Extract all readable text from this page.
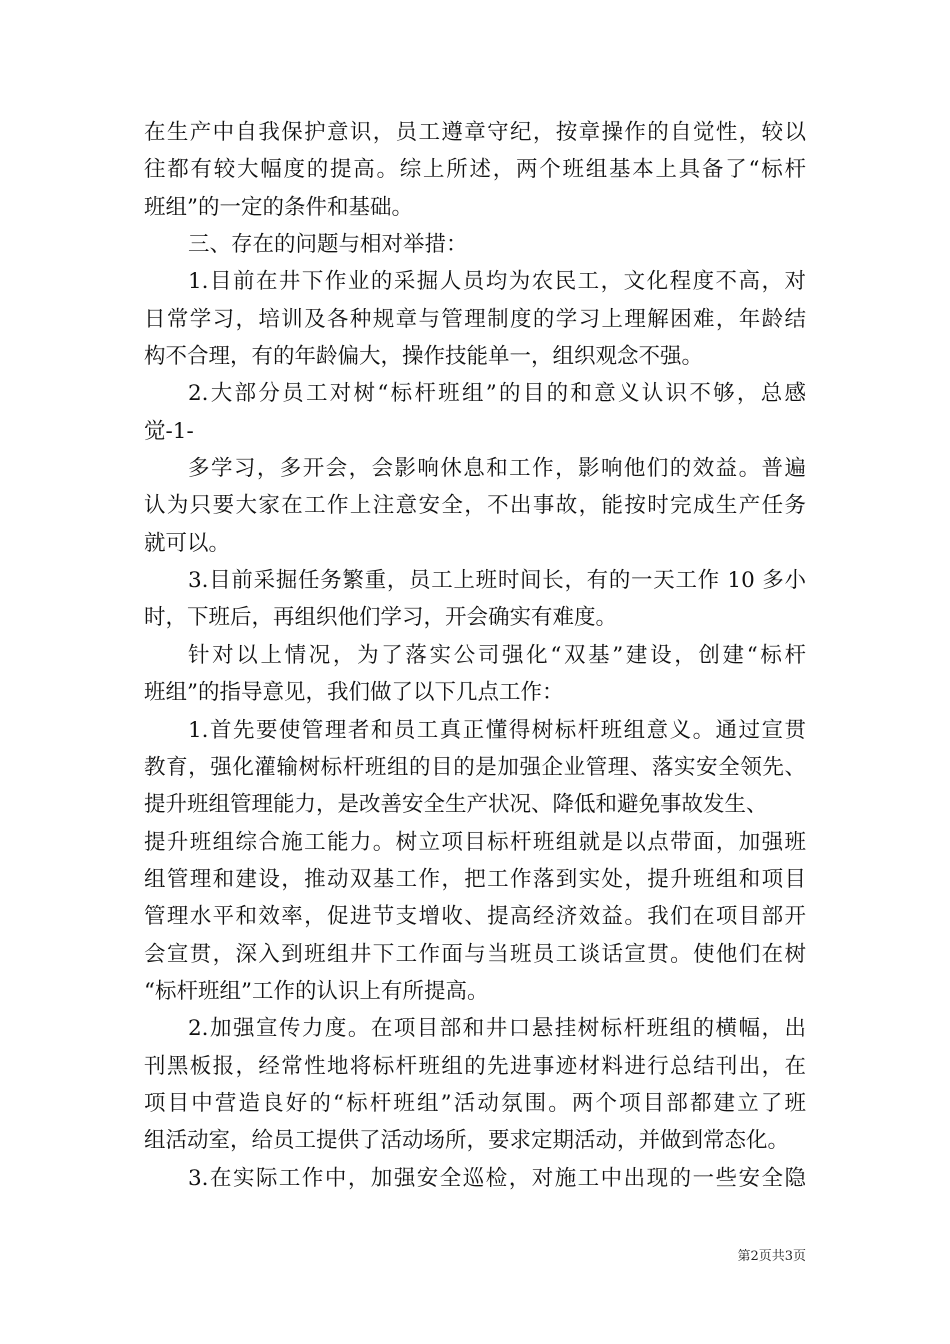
在生产中自我保护意识，员工遵章守纪，按章操作的自觉性，较以
往都有较大幅度的提高。综上所述，两个班组基本上具备了“标杆
班组”的一定的条件和基础。
三、存在的问题与相对举措：
1.目前在井下作业的采掘人员均为农民工，文化程度不高，对
日常学习，培训及各种规章与管理制度的学习上理解困难，年龄结
构不合理，有的年龄偏大，操作技能单一，组织观念不强。
2.大部分员工对树“标杆班组”的目的和意义认识不够，总感
觉-1-
多学习，多开会，会影响休息和工作，影响他们的效益。普遍
认为只要大家在工作上注意安全，不出事故，能按时完成生产任务
就可以。
3.目前采掘任务繁重，员工上班时间长，有的一天工作 10 多小
时，下班后，再组织他们学习，开会确实有难度。
针对以上情况，为了落实公司强化“双基”建设，创建“标杆
班组”的指导意见，我们做了以下几点工作：
1.首先要使管理者和员工真正懂得树标杆班组意义。通过宣贯
教育，强化灌输树标杆班组的目的是加强企业管理、落实安全领先、
提升班组管理能力，是改善安全生产状况、降低和避免事故发生、
提升班组综合施工能力。树立项目标杆班组就是以点带面，加强班
组管理和建设，推动双基工作，把工作落到实处，提升班组和项目
管理水平和效率，促进节支增收、提高经济效益。我们在项目部开
会宣贯，深入到班组井下工作面与当班员工谈话宣贯。使他们在树
“标杆班组”工作的认识上有所提高。
2.加强宣传力度。在项目部和井口悬挂树标杆班组的横幅，出
刊黑板报，经常性地将标杆班组的先进事迹材料进行总结刊出，在
项目中营造良好的“标杆班组”活动氛围。两个项目部都建立了班
组活动室，给员工提供了活动场所，要求定期活动，并做到常态化。
3.在实际工作中，加强安全巡检，对施工中出现的一些安全隐
第2页共3页
